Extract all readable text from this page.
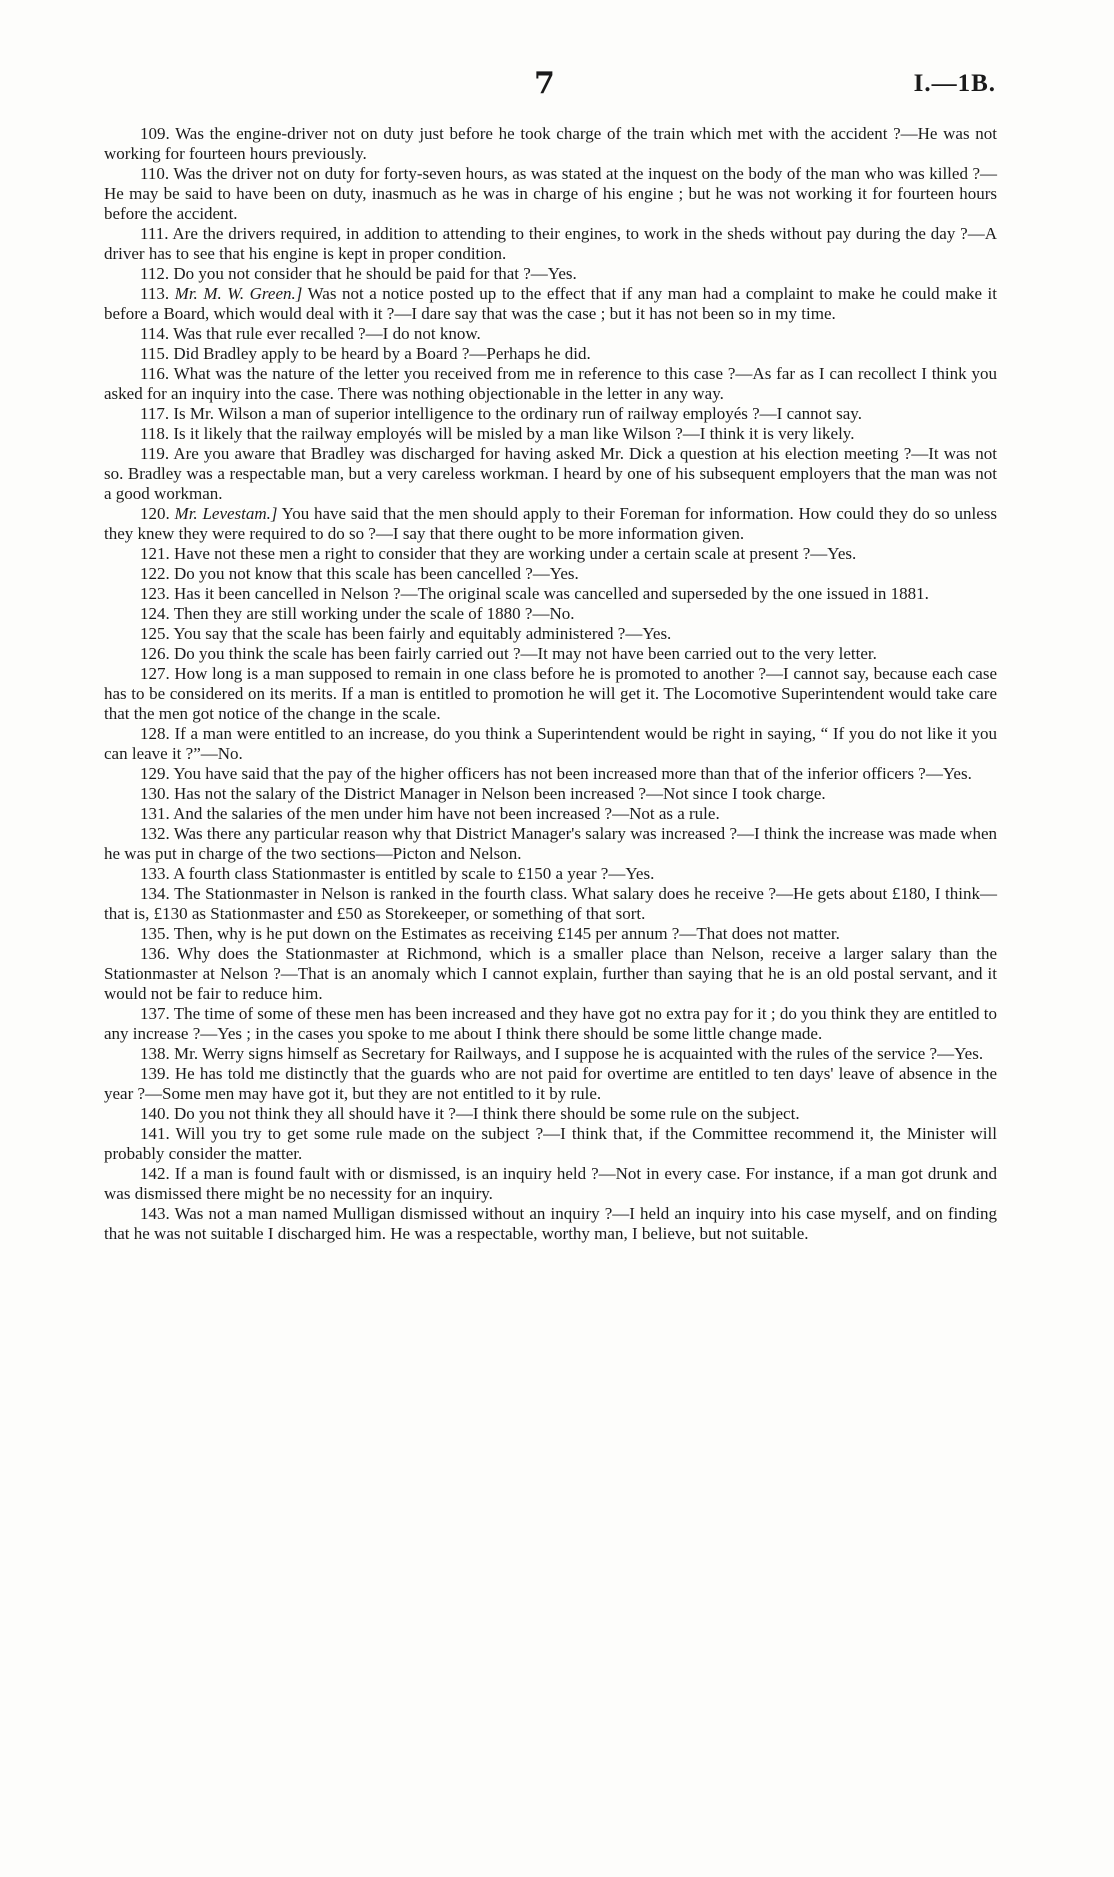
7	I.—1B.

109. Was the engine-driver not on duty just before he took charge of the train which met with the accident ?—He was not working for fourteen hours previously.

110. Was the driver not on duty for forty-seven hours, as was stated at the inquest on the body of the man who was killed ?—He may be said to have been on duty, inasmuch as he was in charge of his engine ; but he was not working it for fourteen hours before the accident.

111. Are the drivers required, in addition to attending to their engines, to work in the sheds without pay during the day ?—A driver has to see that his engine is kept in proper condition.

112. Do you not consider that he should be paid for that ?—Yes.

113. Mr. M. W. Green.] Was not a notice posted up to the effect that if any man had a complaint to make he could make it before a Board, which would deal with it ?—I dare say that was the case ; but it has not been so in my time.

114. Was that rule ever recalled ?—I do not know.

115. Did Bradley apply to be heard by a Board ?—Perhaps he did.

116. What was the nature of the letter you received from me in reference to this case ?—As far as I can recollect I think you asked for an inquiry into the case. There was nothing objectionable in the letter in any way.

117. Is Mr. Wilson a man of superior intelligence to the ordinary run of railway employés ?—I cannot say.

118. Is it likely that the railway employés will be misled by a man like Wilson ?—I think it is very likely.

119. Are you aware that Bradley was discharged for having asked Mr. Dick a question at his election meeting ?—It was not so. Bradley was a respectable man, but a very careless workman. I heard by one of his subsequent employers that the man was not a good workman.

120. Mr. Levestam.] You have said that the men should apply to their Foreman for information. How could they do so unless they knew they were required to do so ?—I say that there ought to be more information given.

121. Have not these men a right to consider that they are working under a certain scale at present ?—Yes.

122. Do you not know that this scale has been cancelled ?—Yes.

123. Has it been cancelled in Nelson ?—The original scale was cancelled and superseded by the one issued in 1881.

124. Then they are still working under the scale of 1880 ?—No.

125. You say that the scale has been fairly and equitably administered ?—Yes.

126. Do you think the scale has been fairly carried out ?—It may not have been carried out to the very letter.

127. How long is a man supposed to remain in one class before he is promoted to another ?—I cannot say, because each case has to be considered on its merits. If a man is entitled to promotion he will get it. The Locomotive Superintendent would take care that the men got notice of the change in the scale.

128. If a man were entitled to an increase, do you think a Superintendent would be right in saying, “ If you do not like it you can leave it ?”—No.

129. You have said that the pay of the higher officers has not been increased more than that of the inferior officers ?—Yes.

130. Has not the salary of the District Manager in Nelson been increased ?—Not since I took charge.

131. And the salaries of the men under him have not been increased ?—Not as a rule.

132. Was there any particular reason why that District Manager's salary was increased ?—I think the increase was made when he was put in charge of the two sections—Picton and Nelson.

133. A fourth class Stationmaster is entitled by scale to £150 a year ?—Yes.

134. The Stationmaster in Nelson is ranked in the fourth class. What salary does he receive ?—He gets about £180, I think—that is, £130 as Stationmaster and £50 as Storekeeper, or something of that sort.

135. Then, why is he put down on the Estimates as receiving £145 per annum ?—That does not matter.

136. Why does the Stationmaster at Richmond, which is a smaller place than Nelson, receive a larger salary than the Stationmaster at Nelson ?—That is an anomaly which I cannot explain, further than saying that he is an old postal servant, and it would not be fair to reduce him.

137. The time of some of these men has been increased and they have got no extra pay for it ; do you think they are entitled to any increase ?—Yes ; in the cases you spoke to me about I think there should be some little change made.

138. Mr. Werry signs himself as Secretary for Railways, and I suppose he is acquainted with the rules of the service ?—Yes.

139. He has told me distinctly that the guards who are not paid for overtime are entitled to ten days' leave of absence in the year ?—Some men may have got it, but they are not entitled to it by rule.

140. Do you not think they all should have it ?—I think there should be some rule on the subject.

141. Will you try to get some rule made on the subject ?—I think that, if the Committee recommend it, the Minister will probably consider the matter.

142. If a man is found fault with or dismissed, is an inquiry held ?—Not in every case. For instance, if a man got drunk and was dismissed there might be no necessity for an inquiry.

143. Was not a man named Mulligan dismissed without an inquiry ?—I held an inquiry into his case myself, and on finding that he was not suitable I discharged him. He was a respectable, worthy man, I believe, but not suitable.
